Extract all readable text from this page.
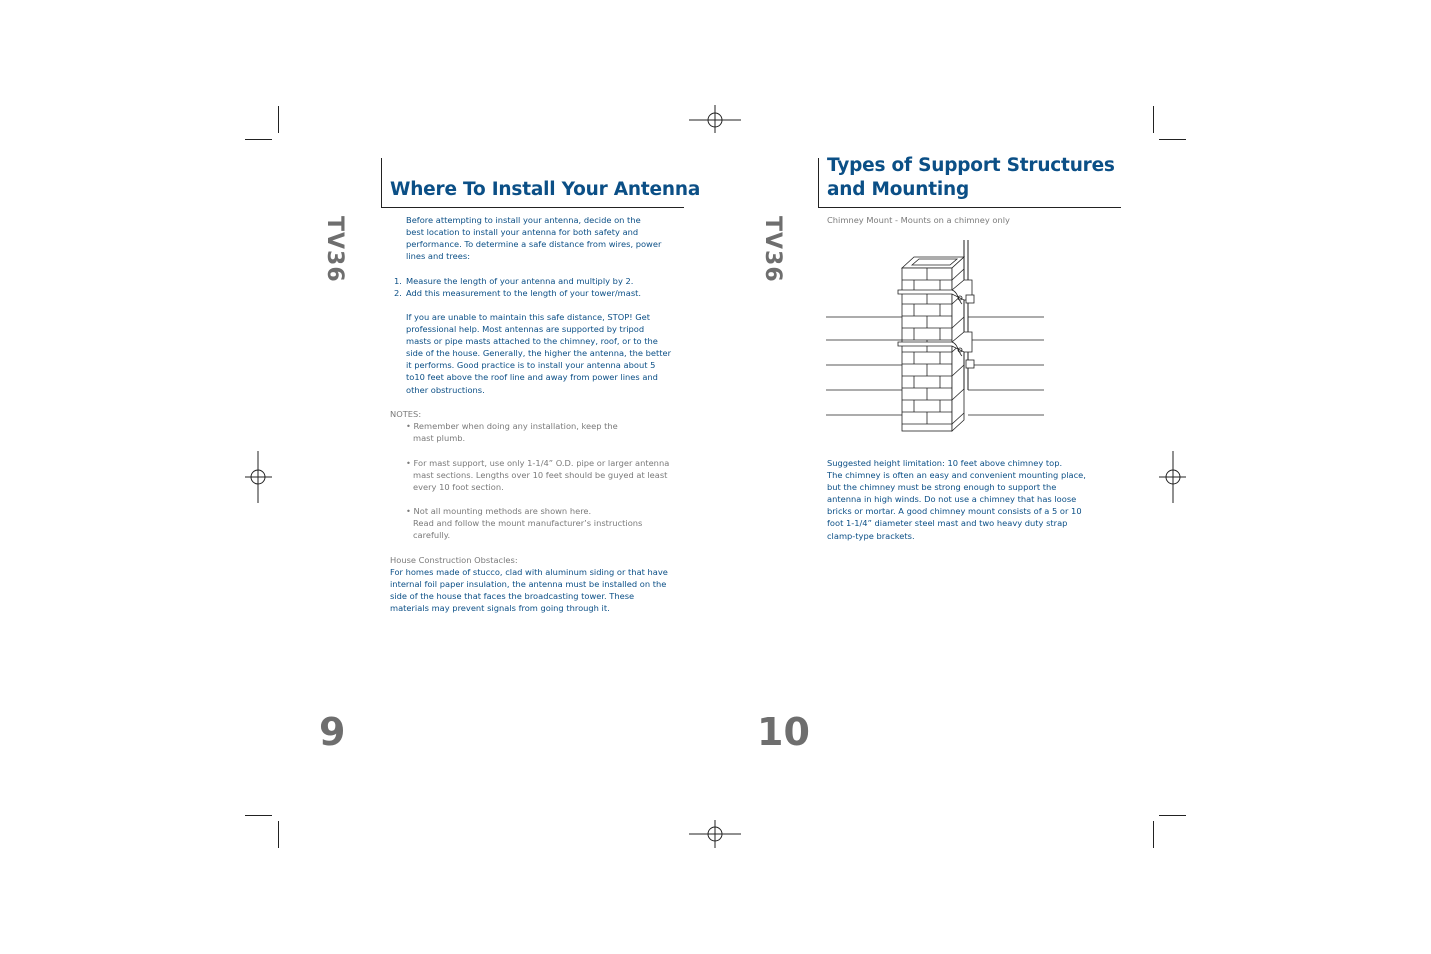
Where To Install Your Antenna
TV36	Before attempting to install your antenna, decide on the
best location to install your antenna for both safety and
performance. To determine a safe distance from wires, power
lines and trees:
1. Measure the length of your antenna and multiply by 2.
2. Add this measurement to the length of your tower/mast.
If you are unable to maintain this safe distance, STOP! Get
professional help. Most antennas are supported by tripod
masts or pipe masts attached to the chimney, roof, or to the
side of the house. Generally, the higher the antenna, the better
it performs. Good practice is to install your antenna about 5
to10 feet above the roof line and away from power lines and
other obstructions.
NOTES:
• Remember when doing any installation, keep the
mast plumb.
• For mast support, use only 1-1/4” O.D. pipe or larger antenna
mast sections. Lengths over 10 feet should be guyed at least
every 10 foot section.
• Not all mounting methods are shown here.
Read and follow the mount manufacturer’s instructions
carefully.
House Construction Obstacles:
For homes made of stucco, clad with aluminum siding or that have
internal foil paper insulation, the antenna must be installed on the
side of the house that faces the broadcasting tower. These
materials may prevent signals from going through it.
9
Types of Support Structures
and Mounting
TV36	Chimney Mount - Mounts on a chimney only
Suggested height limitation: 10 feet above chimney top.
The chimney is often an easy and convenient mounting place,
but the chimney must be strong enough to support the
antenna in high winds. Do not use a chimney that has loose
bricks or mortar. A good chimney mount consists of a 5 or 10
foot 1-1/4” diameter steel mast and two heavy duty strap
clamp-type brackets.
10
